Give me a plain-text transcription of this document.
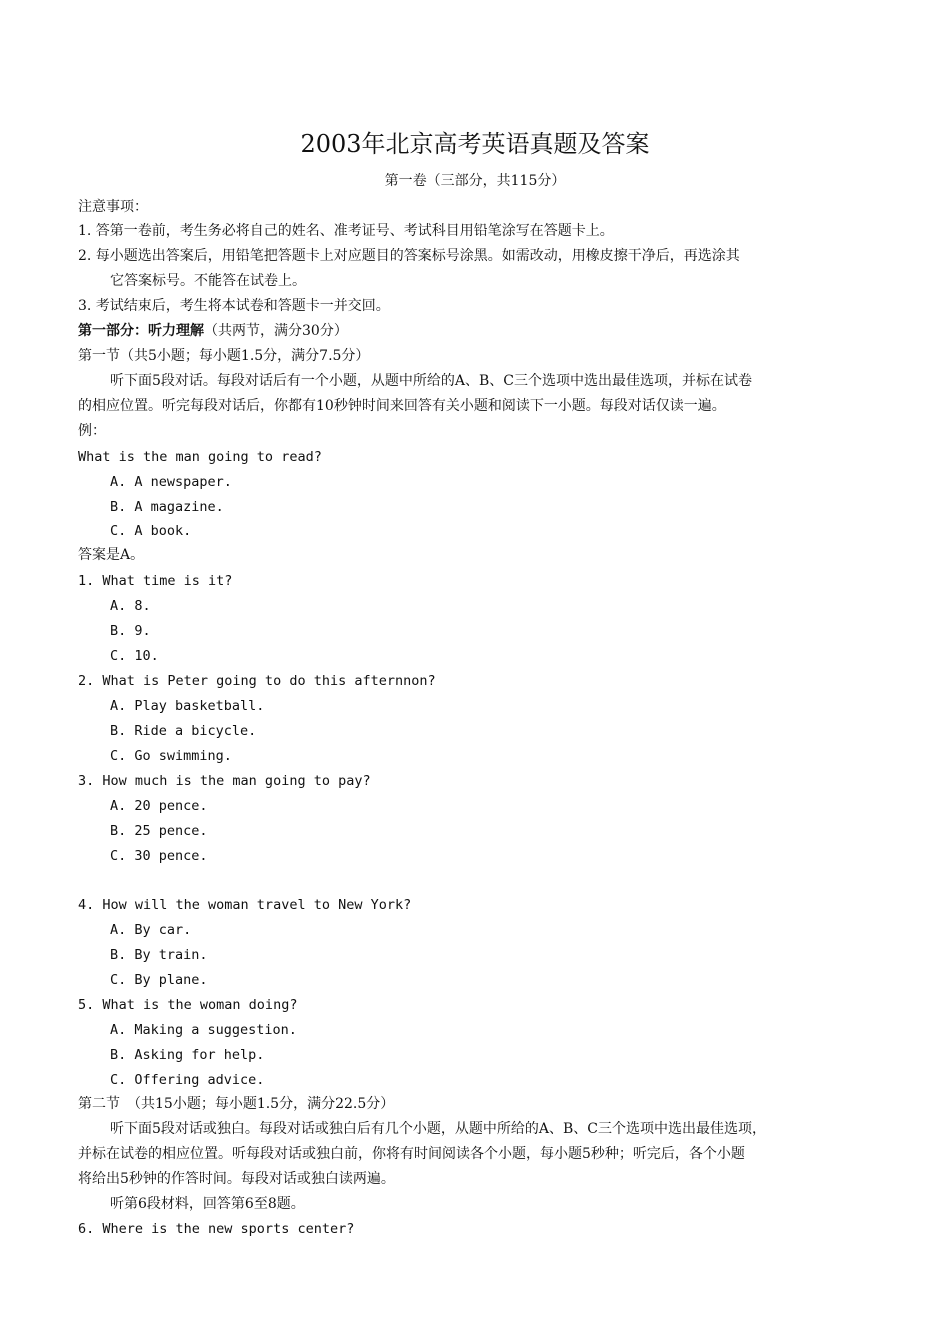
2003年北京高考英语真题及答案
第一卷（三部分，共115分）
注意事项：
1. 答第一卷前，考生务必将自己的姓名、准考证号、考试科目用铅笔涂写在答题卡上。
2. 每小题选出答案后，用铅笔把答题卡上对应题目的答案标号涂黑。如需改动，用橡皮擦干净后，再选涂其
它答案标号。不能答在试卷上。
3. 考试结束后，考生将本试卷和答题卡一并交回。
第一部分：听力理解（共两节，满分30分）
第一节（共5小题；每小题1.5分，满分7.5分）
听下面5段对话。每段对话后有一个小题，从题中所给的A、B、C三个选项中选出最佳选项，并标在试卷
的相应位置。听完每段对话后，你都有10秒钟时间来回答有关小题和阅读下一小题。每段对话仅读一遍。
例：
What is the man going to read?
A. A newspaper.
B. A magazine.
C. A book.
答案是A。
1. What time is it?
A. 8.
B. 9.
C. 10.
2. What is Peter going to do this afternnon?
A. Play basketball.
B. Ride a bicycle.
C. Go swimming.
3. How much is the man going to pay?
A. 20 pence.
B. 25 pence.
C. 30 pence.
4. How will the woman travel to New York?
A. By car.
B. By train.
C. By plane.
5. What is the woman doing?
A. Making a suggestion.
B. Asking for help.
C. Offering advice.
第二节　（共15小题；每小题1.5分，满分22.5分）
听下面5段对话或独白。每段对话或独白后有几个小题，从题中所给的A、B、C三个选项中选出最佳选项，
并标在试卷的相应位置。听每段对话或独白前，你将有时间阅读各个小题，每小题5秒种；听完后，各个小题
将给出5秒钟的作答时间。每段对话或独白读两遍。
听第6段材料，回答第6至8题。
6. Where is the new sports center?
